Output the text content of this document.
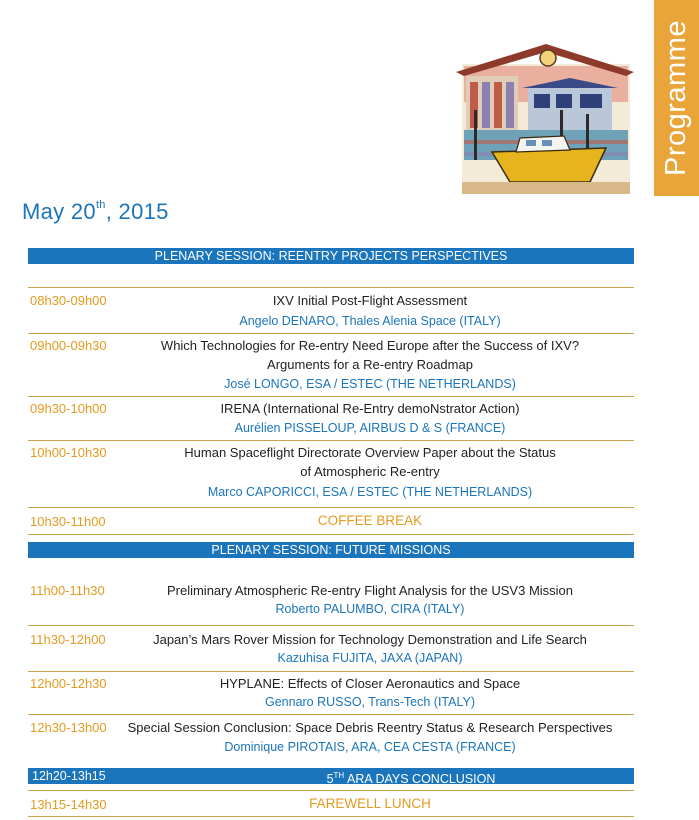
Programme
May 20th, 2015
PLENARY SESSION: REENTRY PROJECTS PERSPECTIVES
08h30-09h00	IXV Initial Post-Flight Assessment
Angelo DENARO, Thales Alenia Space (ITALY)
09h00-09h30	Which Technologies for Re-entry Need Europe after the Success of IXV?
Arguments for a Re-entry Roadmap
José LONGO, ESA / ESTEC (THE NETHERLANDS)
09h30-10h00	IRENA (International Re-Entry demoNstrator Action)
Aurélien PISSELOUP, AIRBUS D & S (FRANCE)
10h00-10h30	Human Spaceflight Directorate Overview Paper about the Status
of Atmospheric Re-entry
Marco CAPORICCI, ESA / ESTEC (THE NETHERLANDS)
10h30-11h00	COFFEE BREAK
PLENARY SESSION: FUTURE MISSIONS
11h00-11h30	Preliminary Atmospheric Re-entry Flight Analysis for the USV3 Mission
Roberto PALUMBO, CIRA (ITALY)
11h30-12h00	Japan’s Mars Rover Mission for Technology Demonstration and Life Search
Kazuhisa FUJITA, JAXA (JAPAN)
12h00-12h30	HYPLANE: Effects of Closer Aeronautics and Space
Gennaro RUSSO, Trans-Tech (ITALY)
12h30-13h00	Special Session Conclusion: Space Debris Reentry Status & Research Perspectives
Dominique PIROTAIS, ARA, CEA CESTA (FRANCE)
12h20-13h15	5TH ARA DAYS CONCLUSION
13h15-14h30	FAREWELL LUNCH
